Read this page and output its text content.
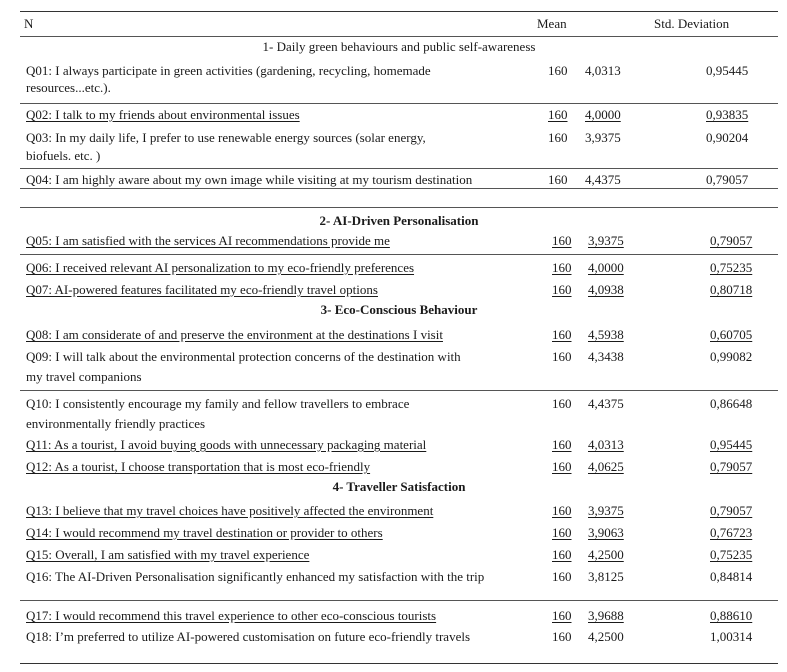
N	Mean	Std. Deviation
1- Daily green behaviours and public self-awareness
Q01: I always participate in green activities (gardening, recycling, homemade
resources...etc.).
160 4,0313	0,95445
Q02: I talk to my friends about environmental issues	160 4,0000	0,93835
Q03: In my daily life, I prefer to use renewable energy sources (solar energy,
biofuels. etc. )
160 3,9375	0,90204
Q04: I am highly aware about my own image while visiting at my tourism destination	160 4,4375	0,79057
2- AI-Driven Personalisation
Q05: I am satisfied with the services AI recommendations provide me	160 3,9375	0,79057
Q06: I received relevant AI personalization to my eco-friendly preferences	160 4,0000	0,75235
Q07: AI-powered features facilitated my eco-friendly travel options	160 4,0938	0,80718
3- Eco-Conscious Behaviour
Q08: I am considerate of and preserve the environment at the destinations I visit	160 4,5938	0,60705
Q09: I will talk about the environmental protection concerns of the destination with
my travel companions
160 4,3438	0,99082
Q10: I consistently encourage my family and fellow travellers to embrace
environmentally friendly practices
160 4,4375	0,86648
Q11: As a tourist, I avoid buying goods with unnecessary packaging material	160 4,0313	0,95445
Q12: As a tourist, I choose transportation that is most eco-friendly	160 4,0625	0,79057
4- Traveller Satisfaction
Q13: I believe that my travel choices have positively affected the environment	160 3,9375	0,79057
Q14: I would recommend my travel destination or provider to others	160 3,9063	0,76723
Q15: Overall, I am satisfied with my travel experience	160 4,2500	0,75235
Q16: The AI-Driven Personalisation significantly enhanced my satisfaction with the trip	160 3,8125	0,84814
Q17: I would recommend this travel experience to other eco-conscious tourists	160 3,9688	0,88610
Q18: I’m preferred to utilize AI-powered customisation on future eco-friendly travels	160 4,2500	1,00314
